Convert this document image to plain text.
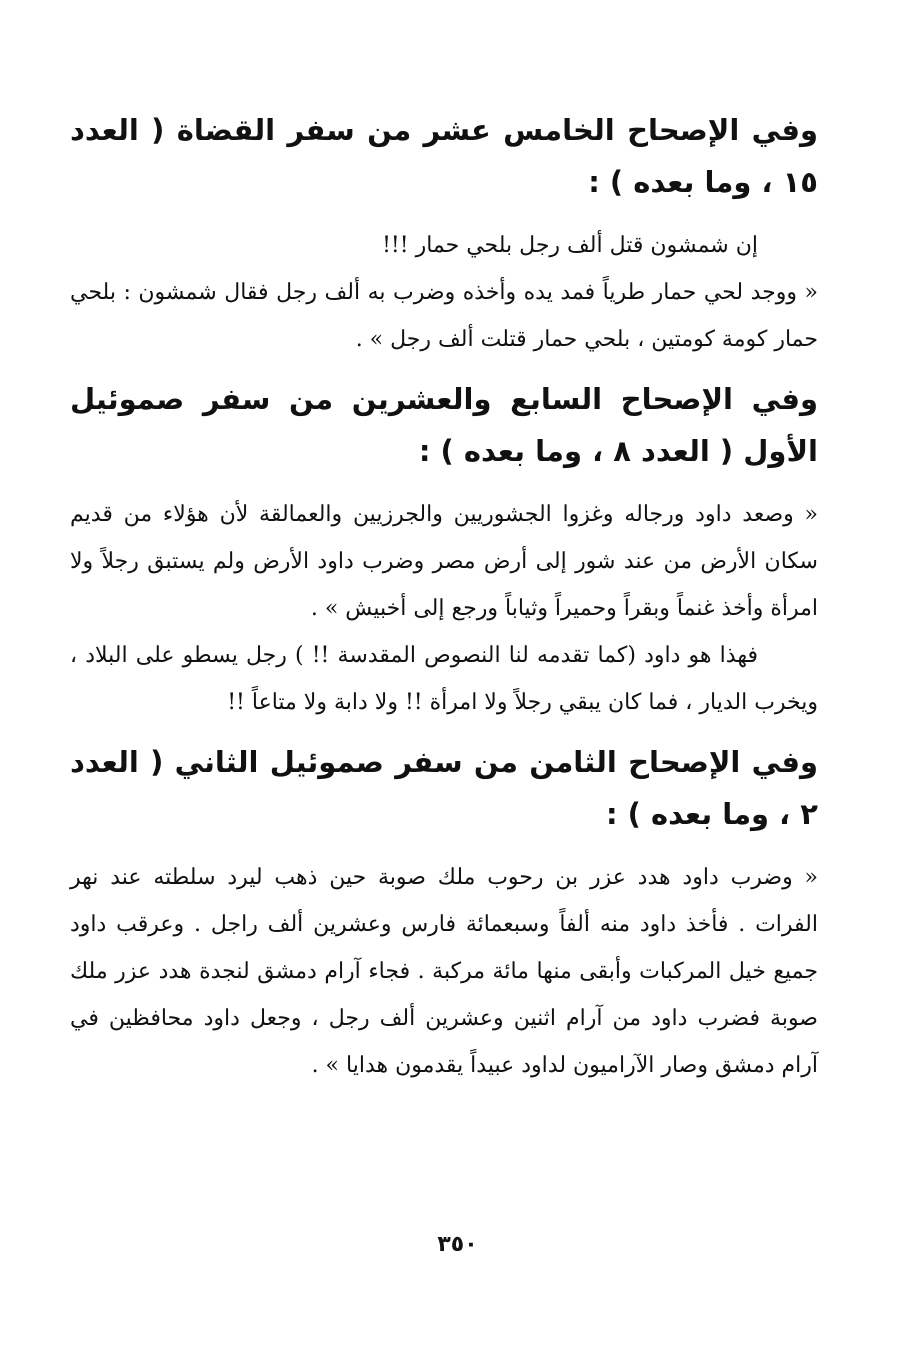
وفي الإصحاح الخامس عشر من سفر القضاة ( العدد ١٥ ، وما بعده ) :

إن شمشون قتل ألف رجل بلحي حمار !!!

« ووجد لحي حمار طرياً فمد يده وأخذه وضرب به ألف رجل فقال شمشون : بلحي حمار كومة كومتين ، بلحي حمار قتلت ألف رجل » .

وفي الإصحاح السابع والعشرين من سفر صموئيل الأول ( العدد ٨ ، وما بعده ) :

« وصعد داود ورجاله وغزوا الجشوريين والجرزيين والعمالقة لأن هؤلاء من قديم سكان الأرض من عند شور إلى أرض مصر وضرب داود الأرض ولم يستبق رجلاً ولا امرأة وأخذ غنماً وبقراً وحميراً وثياباً ورجع إلى أخبيش » .

فهذا هو داود (كما تقدمه لنا النصوص المقدسة !! ) رجل يسطو على البلاد ، ويخرب الديار ، فما كان يبقي رجلاً ولا امرأة !! ولا دابة ولا متاعاً !!

وفي الإصحاح الثامن من سفر صموئيل الثاني ( العدد ٢ ، وما بعده ) :

« وضرب داود هدد عزر بن رحوب ملك صوبة حين ذهب ليرد سلطته عند نهر الفرات . فأخذ داود منه ألفاً وسبعمائة فارس وعشرين ألف راجل . وعرقب داود جميع خيل المركبات وأبقى منها مائة مركبة . فجاء آرام دمشق لنجدة هدد عزر ملك صوبة فضرب داود من آرام اثنين وعشرين ألف رجل ، وجعل داود محافظين في آرام دمشق وصار الآراميون لداود عبيداً يقدمون هدايا » .

٣٥٠
